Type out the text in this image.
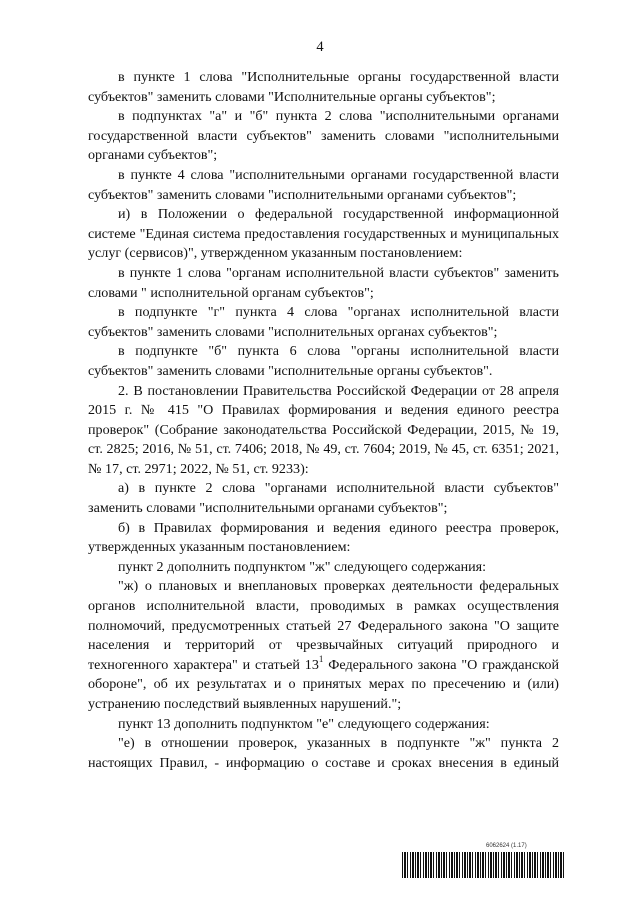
4

в пункте 1 слова "Исполнительные органы государственной власти субъектов" заменить словами "Исполнительные органы субъектов";

в подпунктах "а" и "б" пункта 2 слова "исполнительными органами государственной власти субъектов" заменить словами "исполнительными органами субъектов";

в пункте 4 слова "исполнительными органами государственной власти субъектов" заменить словами "исполнительными органами субъектов";

и) в Положении о федеральной государственной информационной системе "Единая система предоставления государственных и муниципальных услуг (сервисов)", утвержденном указанным постановлением:

в пункте 1 слова "органам исполнительной власти субъектов" заменить словами " исполнительной органам субъектов";

в подпункте "г" пункта 4 слова "органах исполнительной власти субъектов" заменить словами "исполнительных органах субъектов";

в подпункте "б" пункта 6 слова "органы исполнительной власти субъектов" заменить словами "исполнительные органы субъектов".

2. В постановлении Правительства Российской Федерации от 28 апреля 2015 г. № 415 "О Правилах формирования и ведения единого реестра проверок" (Собрание законодательства Российской Федерации, 2015, № 19, ст. 2825; 2016, № 51, ст. 7406; 2018, № 49, ст. 7604; 2019, № 45, ст. 6351; 2021, № 17, ст. 2971; 2022, № 51, ст. 9233):

а) в пункте 2 слова "органами исполнительной власти субъектов" заменить словами "исполнительными органами субъектов";

б) в Правилах формирования и ведения единого реестра проверок, утвержденных указанным постановлением:

пункт 2 дополнить подпунктом "ж" следующего содержания:

"ж) о плановых и внеплановых проверках деятельности федеральных органов исполнительной власти, проводимых в рамках осуществления полномочий, предусмотренных статьей 27 Федерального закона "О защите населения и территорий от чрезвычайных ситуаций природного и техногенного характера" и статьей $13^1$ Федерального закона "О гражданской обороне", об их результатах и о принятых мерах по пресечению и (или) устранению последствий выявленных нарушений.";

пункт 13 дополнить подпунктом "е" следующего содержания:

"е) в отношении проверок, указанных в подпункте "ж" пункта 2 настоящих Правил, - информацию о составе и сроках внесения в единый

6062624 (1.17)
